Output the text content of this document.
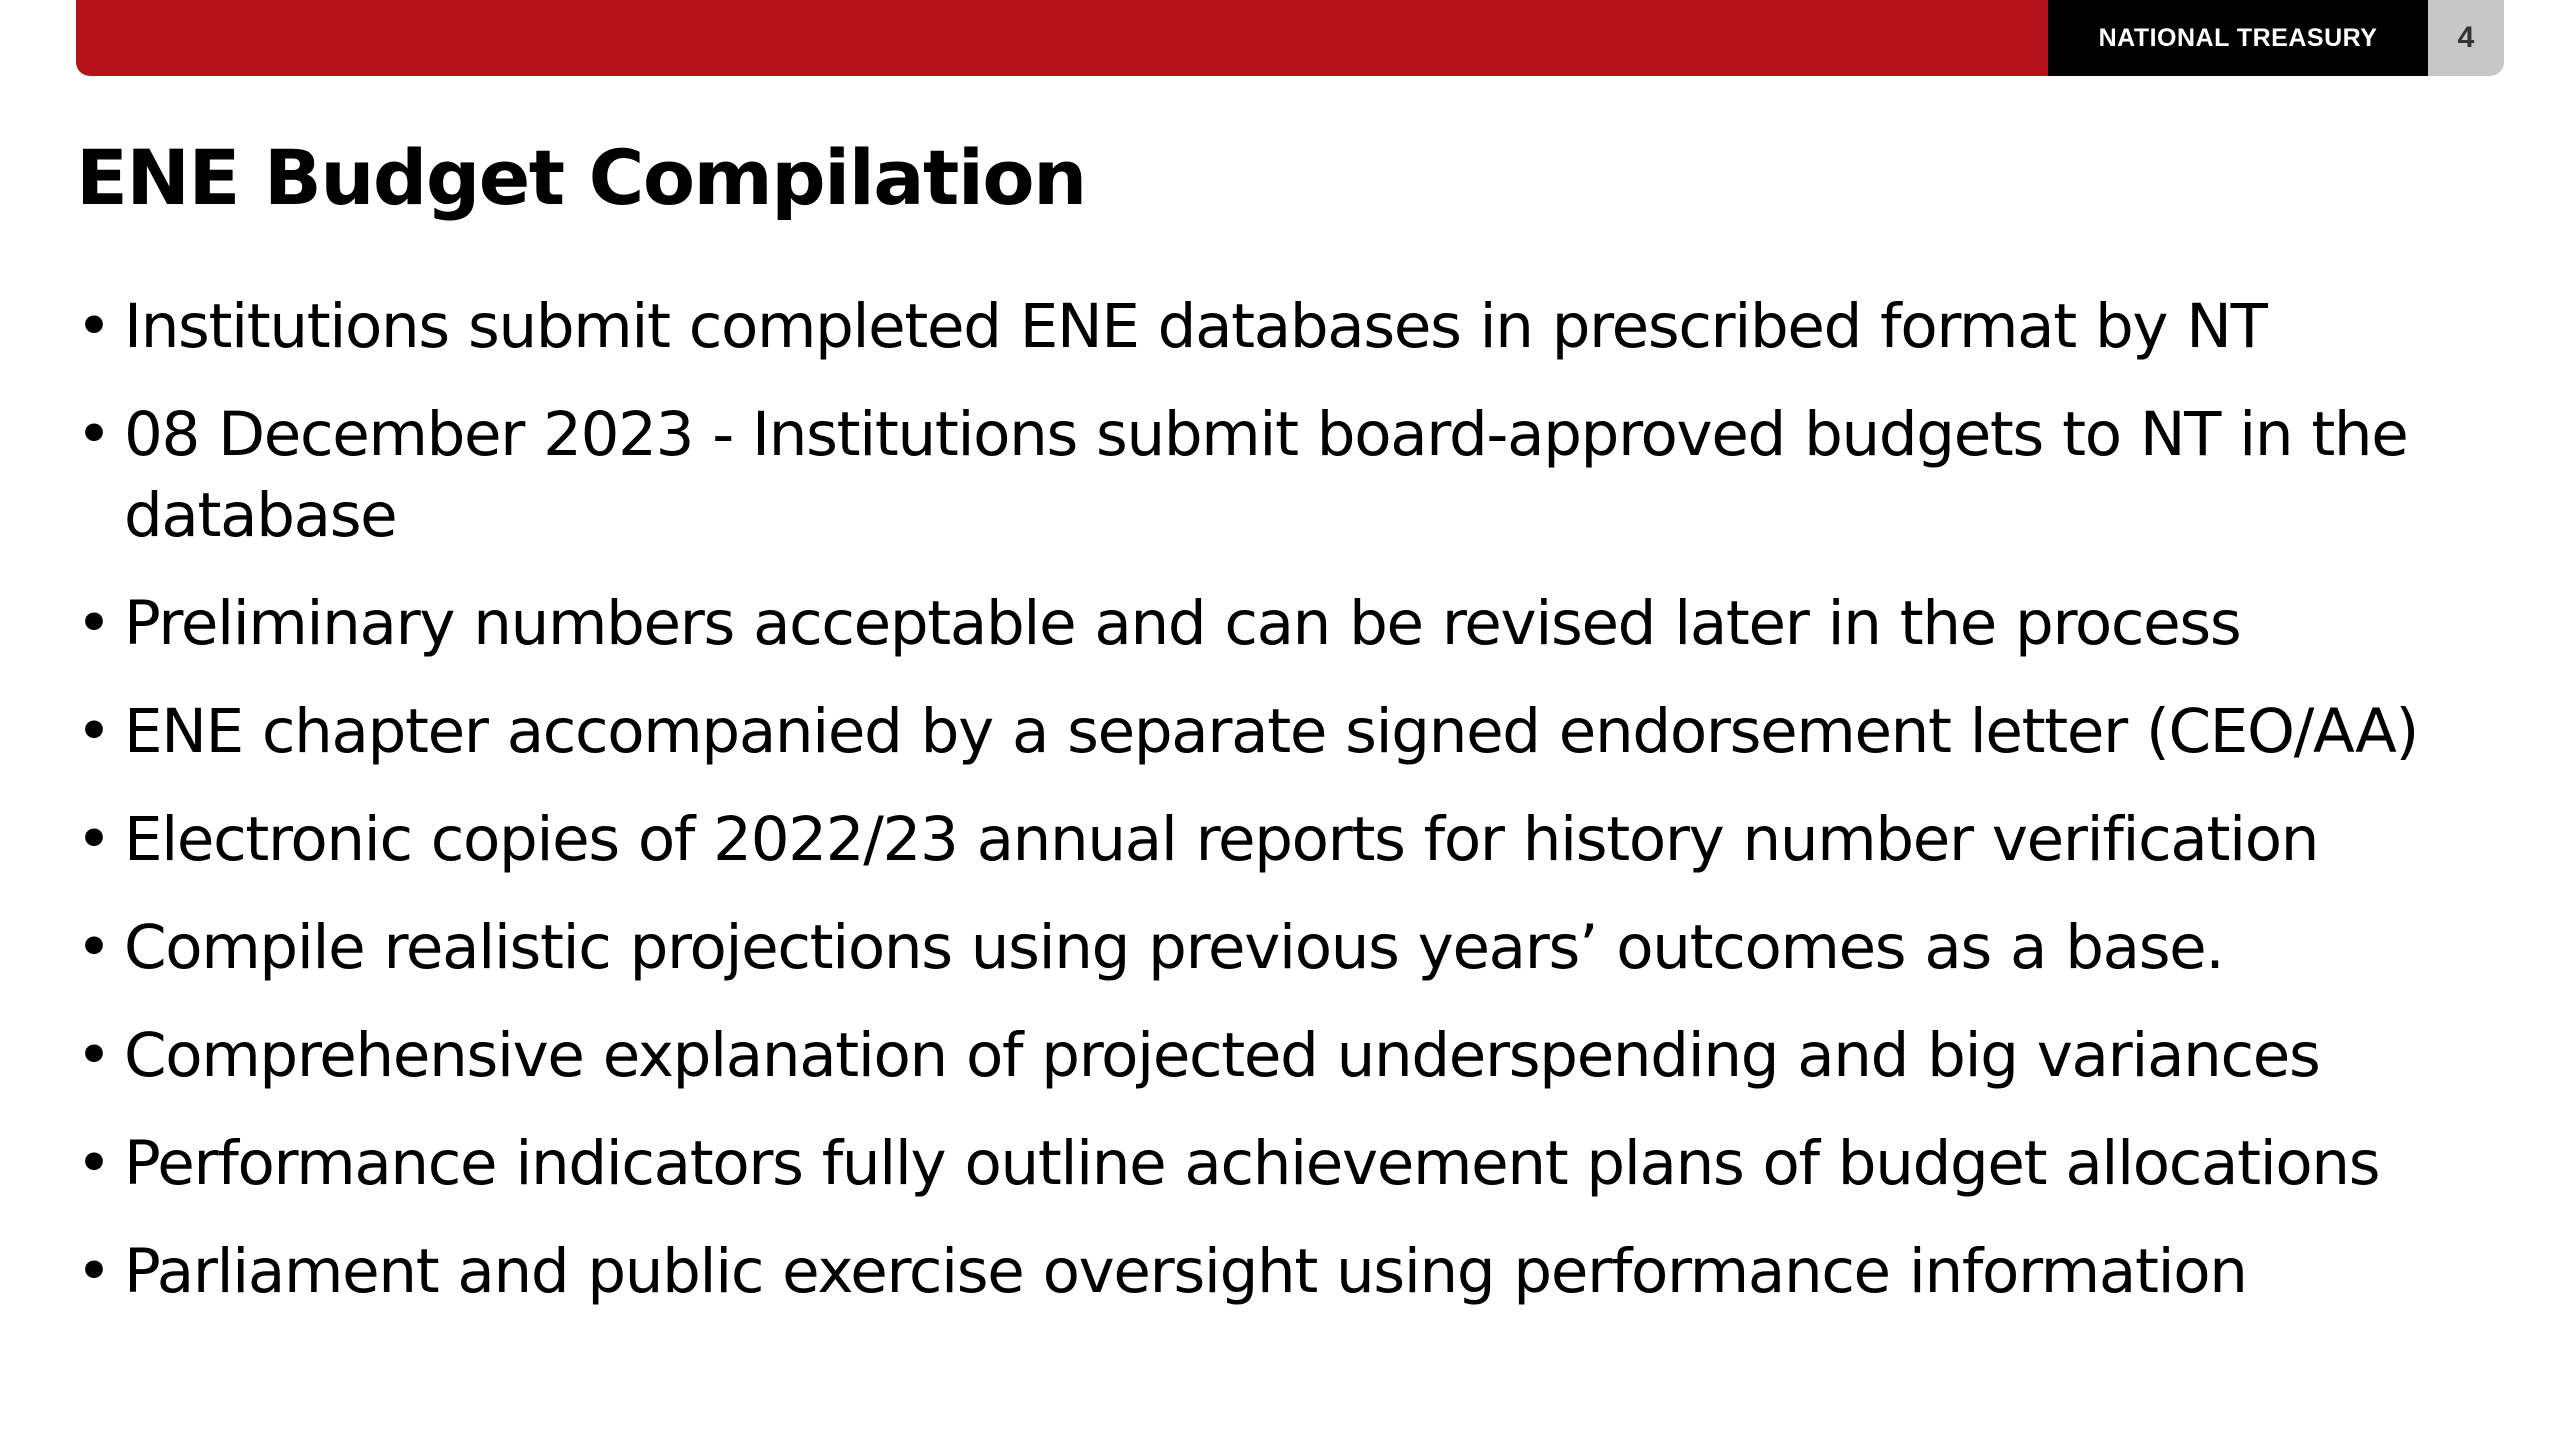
NATIONAL TREASURY	4
ENE Budget Compilation
• Institutions submit completed ENE databases in prescribed format by NT
• 08 December 2023 - Institutions submit board-approved budgets to NT in the database
• Preliminary numbers acceptable and can be revised later in the process
• ENE chapter accompanied by a separate signed endorsement letter (CEO/AA)
• Electronic copies of 2022/23 annual reports for history number verification
• Compile realistic projections using previous years’ outcomes as a base.
• Comprehensive explanation of projected underspending and big variances
• Performance indicators fully outline achievement plans of budget allocations
• Parliament and public exercise oversight using performance information
